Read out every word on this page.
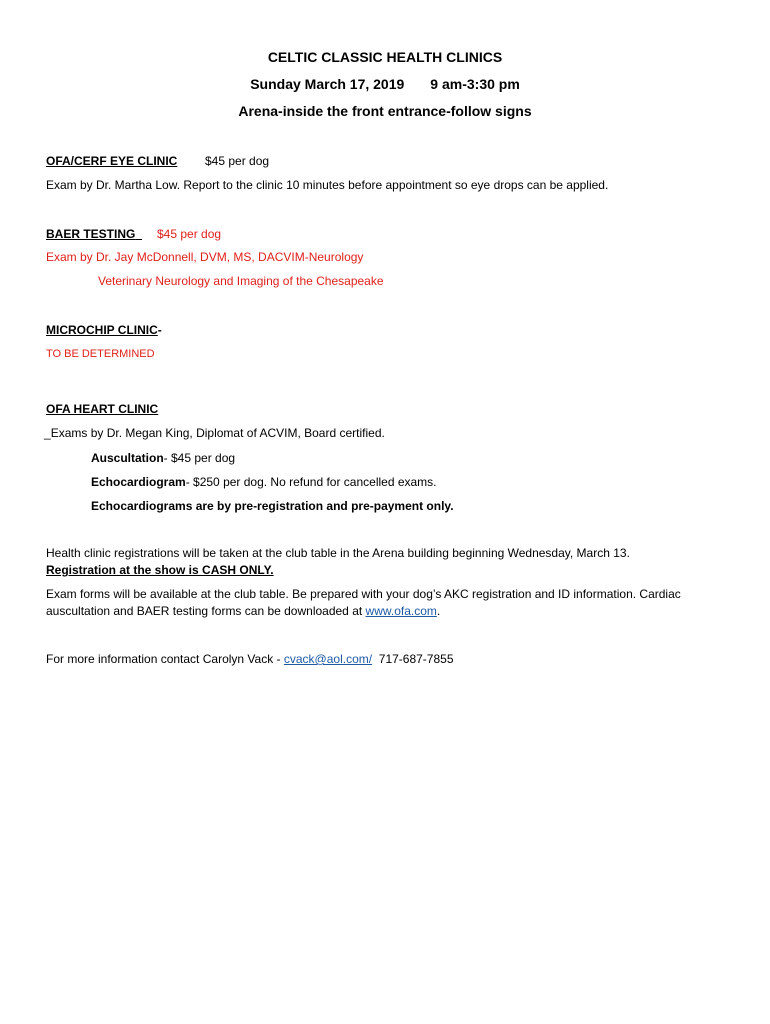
CELTIC CLASSIC HEALTH CLINICS
Sunday March 17, 2019 9 am-3:30 pm
Arena-inside the front entrance-follow signs
OFA/CERF EYE CLINIC $45 per dog
Exam by Dr. Martha Low. Report to the clinic 10 minutes before appointment so eye drops can be applied.
BAER TESTING	$45 per dog
Exam by Dr. Jay McDonnell, DVM, MS, DACVIM-Neurology
Veterinary Neurology and Imaging of the Chesapeake
MICROCHIP CLINIC-
TO BE DETERMINED
OFA HEART CLINIC
_Exams by Dr. Megan King, Diplomat of ACVIM, Board certified.
Auscultation- $45 per dog
Echocardiogram- $250 per dog. No refund for cancelled exams.
Echocardiograms are by pre-registration and pre-payment only.
Health clinic registrations will be taken at the club table in the Arena building beginning Wednesday, March 13.
Registration at the show is CASH ONLY.
Exam forms will be available at the club table. Be prepared with your dog’s AKC registration and ID information. Cardiac
auscultation and BAER testing forms can be downloaded at www.ofa.com.
For more information contact Carolyn Vack - cvack@aol.com/ 717-687-7855
